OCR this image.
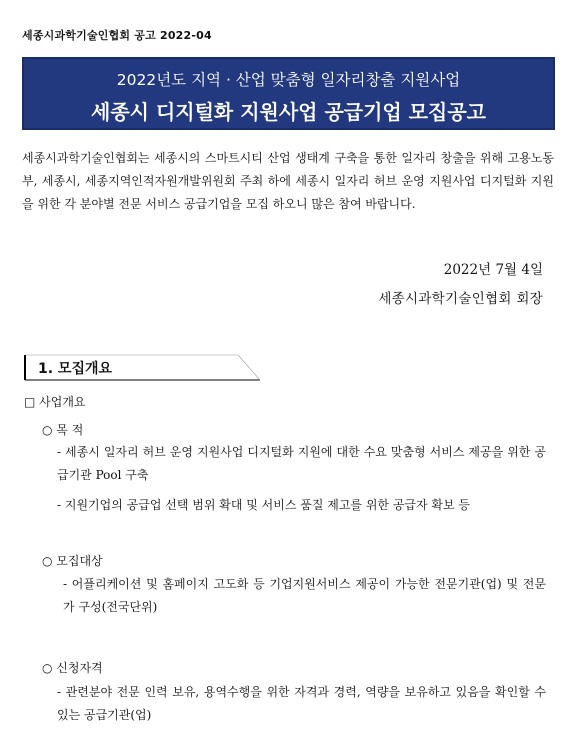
세종시과학기술인협회 공고 2022-04
2022년도 지역 · 산업 맞춤형 일자리창출 지원사업
세종시 디지털화 지원사업 공급기업 모집공고
세종시과학기술인협회는 세종시의 스마트시티 산업 생태계 구축을 통한 일자리 창출을 위해 고용노동부, 세종시, 세종지역인적자원개발위원회 주최 하에 세종시 일자리 허브 운영 지원사업 디지털화 지원을 위한 각 분야별 전문 서비스 공급기업을 모집 하오니 많은 참여 바랍니다.
2022년 7월 4일
세종시과학기술인협회 회장
1. 모집개요
□ 사업개요
○ 목 적
- 세종시 일자리 허브 운영 지원사업 디지털화 지원에 대한 수요 맞춤형 서비스 제공을 위한 공급기관 Pool 구축
- 지원기업의 공급업 선택 범위 확대 및 서비스 품질 제고를 위한 공급자 확보 등
○ 모집대상
- 어플리케이션 및 홈페이지 고도화 등 기업지원서비스 제공이 가능한 전문기관(업) 및 전문가 구성(전국단위)
○ 신청자격
- 관련분야 전문 인력 보유, 용역수행을 위한 자격과 경력, 역량을 보유하고 있음을 확인할 수 있는 공급기관(업)
